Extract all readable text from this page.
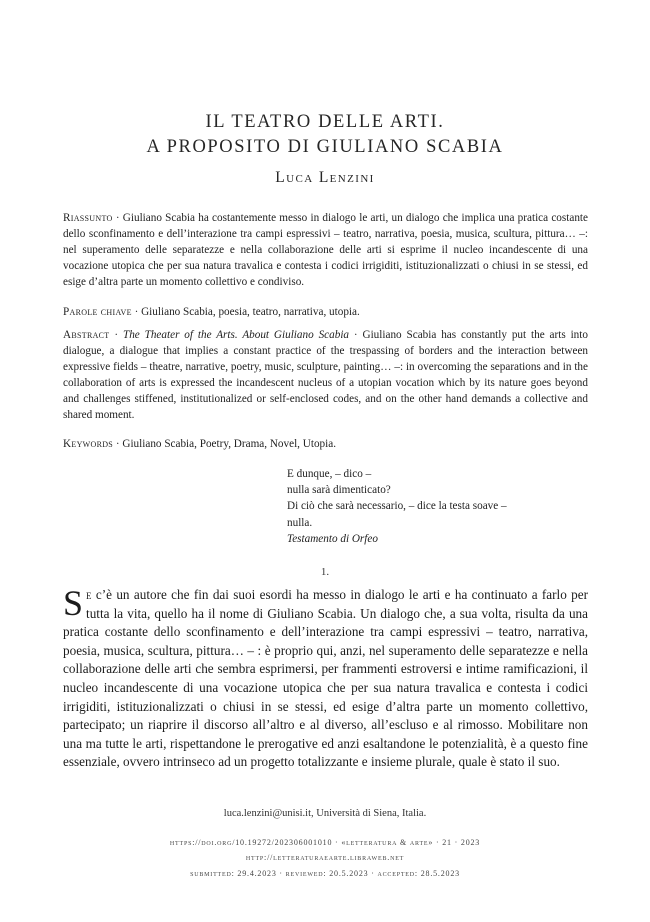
IL TEATRO DELLE ARTI.
A PROPOSITO DI GIULIANO SCABIA
Luca Lenzini
Riassunto · Giuliano Scabia ha costantemente messo in dialogo le arti, un dialogo che implica una pratica costante dello sconfinamento e dell’interazione tra campi espressivi – teatro, narrativa, poesia, musica, scultura, pittura… –: nel superamento delle separatezze e nella collaborazione delle arti si esprime il nucleo incandescente di una vocazione utopica che per sua natura travalica e contesta i codici irrigiditi, istituzionalizzati o chiusi in se stessi, ed esige d’altra parte un momento collettivo e condiviso.
Parole chiave · Giuliano Scabia, poesia, teatro, narrativa, utopia.
Abstract · The Theater of the Arts. About Giuliano Scabia · Giuliano Scabia has constantly put the arts into dialogue, a dialogue that implies a constant practice of the trespassing of borders and the interaction between expressive fields – theatre, narrative, poetry, music, sculpture, painting… –: in overcoming the separations and in the collaboration of arts is expressed the incandescent nucleus of a utopian vocation which by its nature goes beyond and challenges stiffened, institutionalized or self-enclosed codes, and on the other hand demands a collective and shared moment.
Keywords · Giuliano Scabia, Poetry, Drama, Novel, Utopia.
E dunque, – dico –
nulla sarà dimenticato?
Di ciò che sarà necessario, – dice la testa soave –
nulla.
Testamento di Orfeo
1.
Se c’è un autore che fin dai suoi esordi ha messo in dialogo le arti e ha continuato a farlo per tutta la vita, quello ha il nome di Giuliano Scabia. Un dialogo che, a sua volta, risulta da una pratica costante dello sconfinamento e dell’interazione tra campi espressivi – teatro, narrativa, poesia, musica, scultura, pittura… – : è proprio qui, anzi, nel superamento delle separatezze e nella collaborazione delle arti che sembra esprimersi, per frammenti estroversi e intime ramificazioni, il nucleo incandescente di una vocazione utopica che per sua natura travalica e contesta i codici irrigiditi, istituzionalizzati o chiusi in se stessi, ed esige d’altra parte un momento collettivo, partecipato; un riaprire il discorso all’altro e al diverso, all’escluso e al rimosso. Mobilitare non una ma tutte le arti, rispettandone le prerogative ed anzi esaltandone le potenzialità, è a questo fine essenziale, ovvero intrinseco ad un progetto totalizzante e insieme plurale, quale è stato il suo.
luca.lenzini@unisi.it, Università di Siena, Italia.
https://doi.org/10.19272/202306001010 · «letteratura & arte» · 21 · 2023
http://letteraturaearte.libraweb.net
submitted: 29.4.2023 · reviewed: 20.5.2023 · accepted: 28.5.2023
